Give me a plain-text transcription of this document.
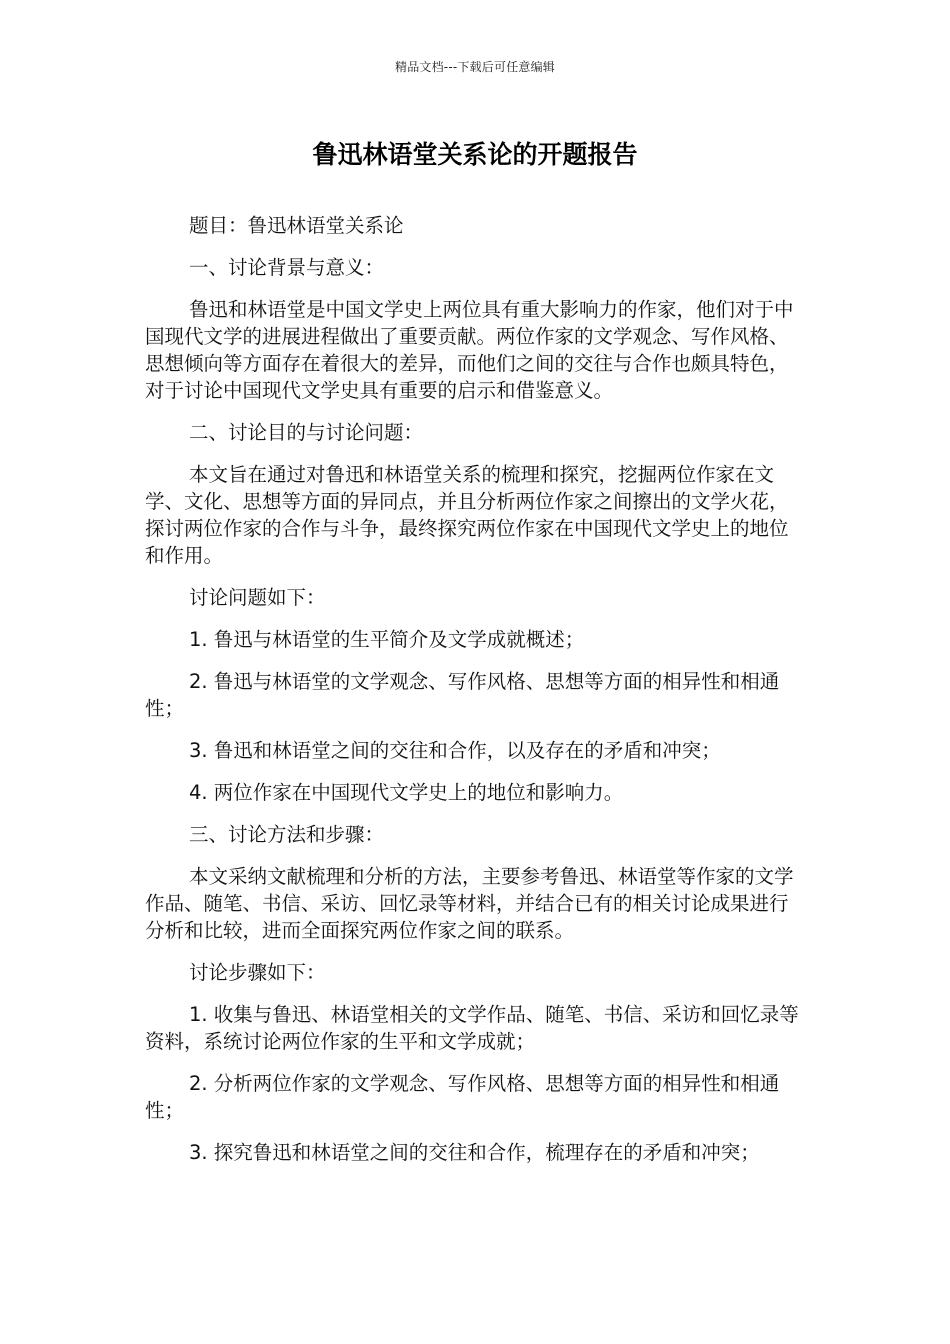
精品文档---下载后可任意编辑
鲁迅林语堂关系论的开题报告

题目：鲁迅林语堂关系论

一、讨论背景与意义：

鲁迅和林语堂是中国文学史上两位具有重大影响力的作家，他们对于中国现代文学的进展进程做出了重要贡献。两位作家的文学观念、写作风格、思想倾向等方面存在着很大的差异，而他们之间的交往与合作也颇具特色，对于讨论中国现代文学史具有重要的启示和借鉴意义。

二、讨论目的与讨论问题：

本文旨在通过对鲁迅和林语堂关系的梳理和探究，挖掘两位作家在文学、文化、思想等方面的异同点，并且分析两位作家之间擦出的文学火花，探讨两位作家的合作与斗争，最终探究两位作家在中国现代文学史上的地位和作用。

讨论问题如下：

1. 鲁迅与林语堂的生平简介及文学成就概述；

2. 鲁迅与林语堂的文学观念、写作风格、思想等方面的相异性和相通性；

3. 鲁迅和林语堂之间的交往和合作，以及存在的矛盾和冲突；

4. 两位作家在中国现代文学史上的地位和影响力。

三、讨论方法和步骤：

本文采纳文献梳理和分析的方法，主要参考鲁迅、林语堂等作家的文学作品、随笔、书信、采访、回忆录等材料，并结合已有的相关讨论成果进行分析和比较，进而全面探究两位作家之间的联系。

讨论步骤如下：

1. 收集与鲁迅、林语堂相关的文学作品、随笔、书信、采访和回忆录等资料，系统讨论两位作家的生平和文学成就；

2. 分析两位作家的文学观念、写作风格、思想等方面的相异性和相通性；

3. 探究鲁迅和林语堂之间的交往和合作，梳理存在的矛盾和冲突；
